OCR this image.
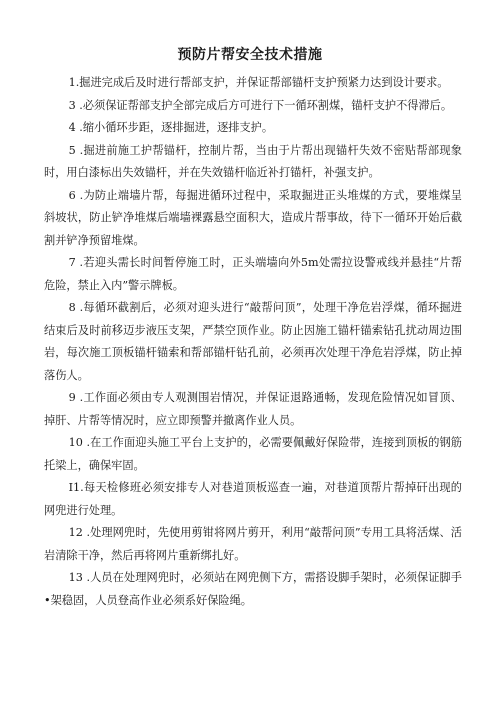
预防片帮安全技术措施

1.掘进完成后及时进行帮部支护，并保证帮部锚杆支护预紧力达到设计要求。

3 .必须保证帮部支护全部完成后方可进行下一循环割煤，锚杆支护不得滞后。

4 .缩小循环步距，逐排掘进，逐排支护。

5 .掘进前施工护帮锚杆，控制片帮，当由于片帮出现锚杆失效不密贴帮部现象时，用白漆标出失效锚杆，并在失效锚杆临近补打锚杆，补强支护。

6 .为防止端墙片帮，每掘进循环过程中，采取掘进正头堆煤的方式，要堆煤呈斜坡状，防止铲净堆煤后端墙裸露悬空面积大，造成片帮事故，待下一循环开始后截割并铲净预留堆煤。

7 .若迎头需长时间暂停施工时，正头端墙向外5m处需拉设警戒线并悬挂“片帮危险，禁止入内”警示牌板。

8 .每循环截割后，必须对迎头进行“敲帮问顶”，处理干净危岩浮煤，循环掘进结束后及时前移迈步液压支架，严禁空顶作业。防止因施工锚杆锚索钻孔扰动周边围岩，每次施工顶板锚杆锚索和帮部锚杆钻孔前，必须再次处理干净危岩浮煤，防止掉落伤人。

9 .工作面必须由专人观测围岩情况，并保证退路通畅，发现危险情况如冒顶、掉肝、片帮等情况时，应立即预警并撤离作业人员。

10 .在工作面迎头施工平台上支护的，必需要佩戴好保险带，连接到顶板的钢筋托梁上，确保牢固。

I1.每天检修班必须安排专人对巷道顶板巡查一遍，对巷道顶帮片帮掉矸出现的网兜进行处理。

12 .处理网兜时，先使用剪钳将网片剪开，利用“敲帮问顶”专用工具将活煤、活岩清除干净，然后再将网片重新绑扎好。

13 .人员在处理网兜时，必须站在网兜侧下方，需搭设脚手架时，必须保证脚手•架稳固，人员登高作业必须系好保险绳。
